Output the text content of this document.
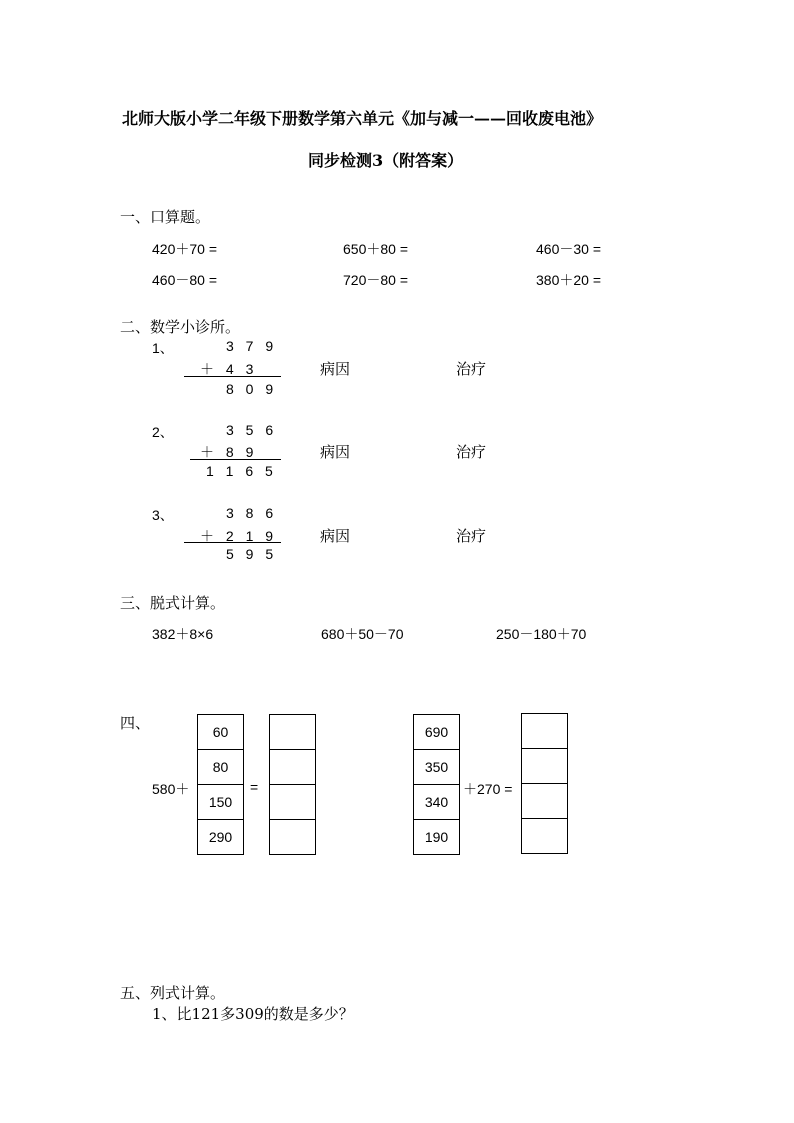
北师大版小学二年级下册数学第六单元《加与减一——回收废电池》
同步检测3（附答案）
一、口算题。
420＋70 =	650＋80 =	460－30 =
460－80 =	720－80 =	380＋20 =
二、数学小诊所。
1、	3 7 9
＋ 4 3
8 0 9
病因	治疗
2、	3 5 6
＋ 8 9
1 1 6 5
病因	治疗
3、	3 8 6
＋ 2 1 9
5 9 5
病因	治疗
三、脱式计算。
382＋8×6	680＋50－70	250－180＋70
四、
580＋
60
80
150
290
=
690
350
340
190
＋270 =
五、列式计算。
1、比121多309的数是多少？
